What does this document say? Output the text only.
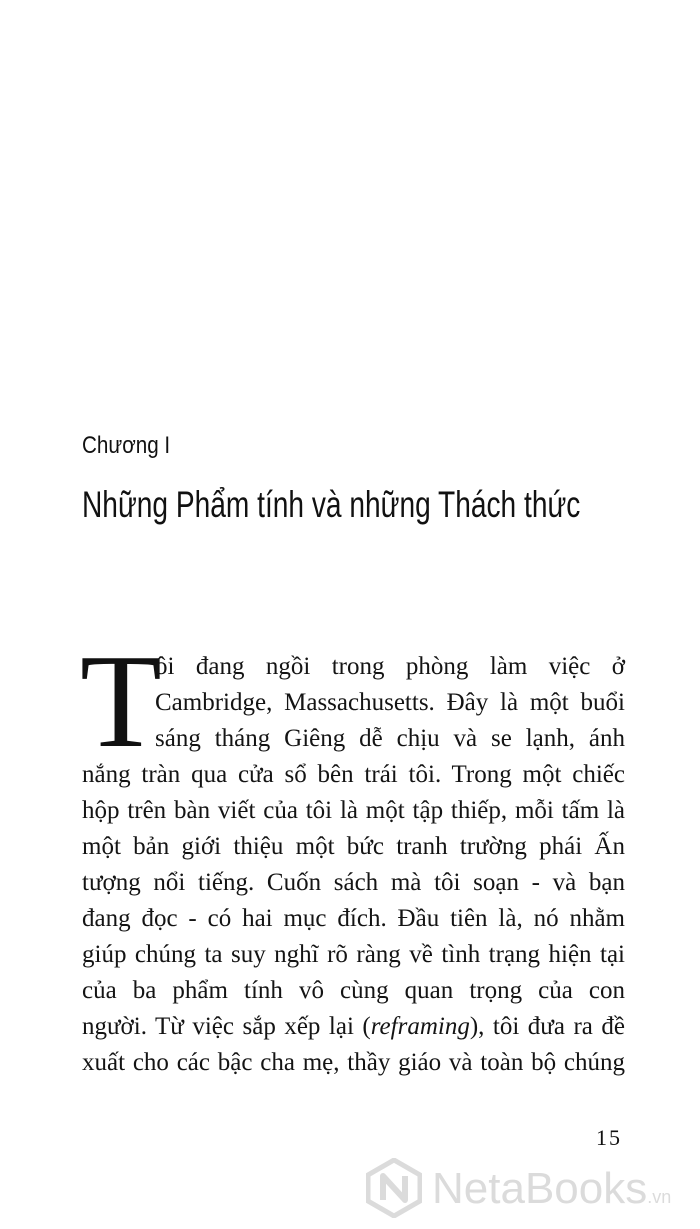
Chương I
Những Phẩm tính và những Thách thức
T
ôi đang ngồi trong phòng làm việc ở
Cambridge, Massachusetts. Đây là một buổi
sáng tháng Giêng dễ chịu và se lạnh, ánh
nắng tràn qua cửa sổ bên trái tôi. Trong một chiếc
hộp trên bàn viết của tôi là một tập thiếp, mỗi tấm là
một bản giới thiệu một bức tranh trường phái Ấn
tượng nổi tiếng. Cuốn sách mà tôi soạn - và bạn
đang đọc - có hai mục đích. Đầu tiên là, nó nhằm
giúp chúng ta suy nghĩ rõ ràng về tình trạng hiện tại
của ba phẩm tính vô cùng quan trọng của con
người. Từ việc sắp xếp lại (reframing), tôi đưa ra đề
xuất cho các bậc cha mẹ, thầy giáo và toàn bộ chúng
15
NetaBooks.vn
